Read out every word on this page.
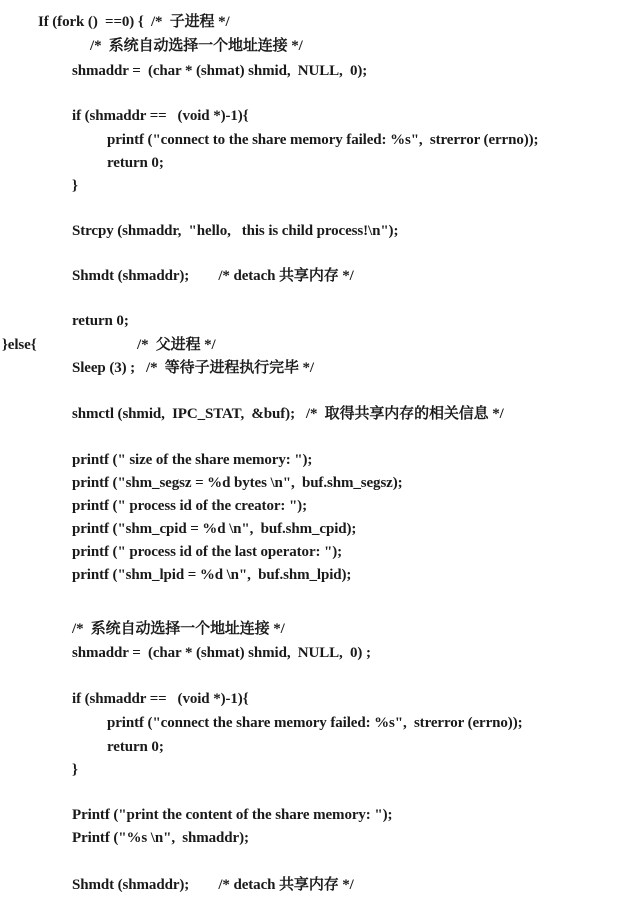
If (fork ()  ==0) {  /*  子进程 */
/*  系统自动选择一个地址连接 */
shmaddr =  (char * (shmat) shmid,  NULL,  0);
if (shmaddr ==   (void *)-1){
printf ("connect to the share memory failed: %s",  strerror (errno));
return 0;
}
Strcpy (shmaddr,  "hello,   this is child process!\n");
Shmdt (shmaddr);        /* detach 共享内存 */
return 0;
}else{	/*  父进程 */
Sleep (3) ;   /*  等待子进程执行完毕 */
shmctl (shmid,  IPC_STAT,  &buf);   /*  取得共享内存的相关信息 */
printf (" size of the share memory: ");
printf ("shm_segsz = %d bytes \n",  buf.shm_segsz);
printf (" process id of the creator: ");
printf ("shm_cpid = %d \n",  buf.shm_cpid);
printf (" process id of the last operator: ");
printf ("shm_lpid = %d \n",  buf.shm_lpid);
/*  系统自动选择一个地址连接 */
shmaddr =  (char * (shmat) shmid,  NULL,  0) ;
if (shmaddr ==   (void *)-1){
printf ("connect the share memory failed: %s",  strerror (errno));
return 0;
}
Printf ("print the content of the share memory: ");
Printf ("%s \n",  shmaddr);
Shmdt (shmaddr);        /* detach 共享内存 */
